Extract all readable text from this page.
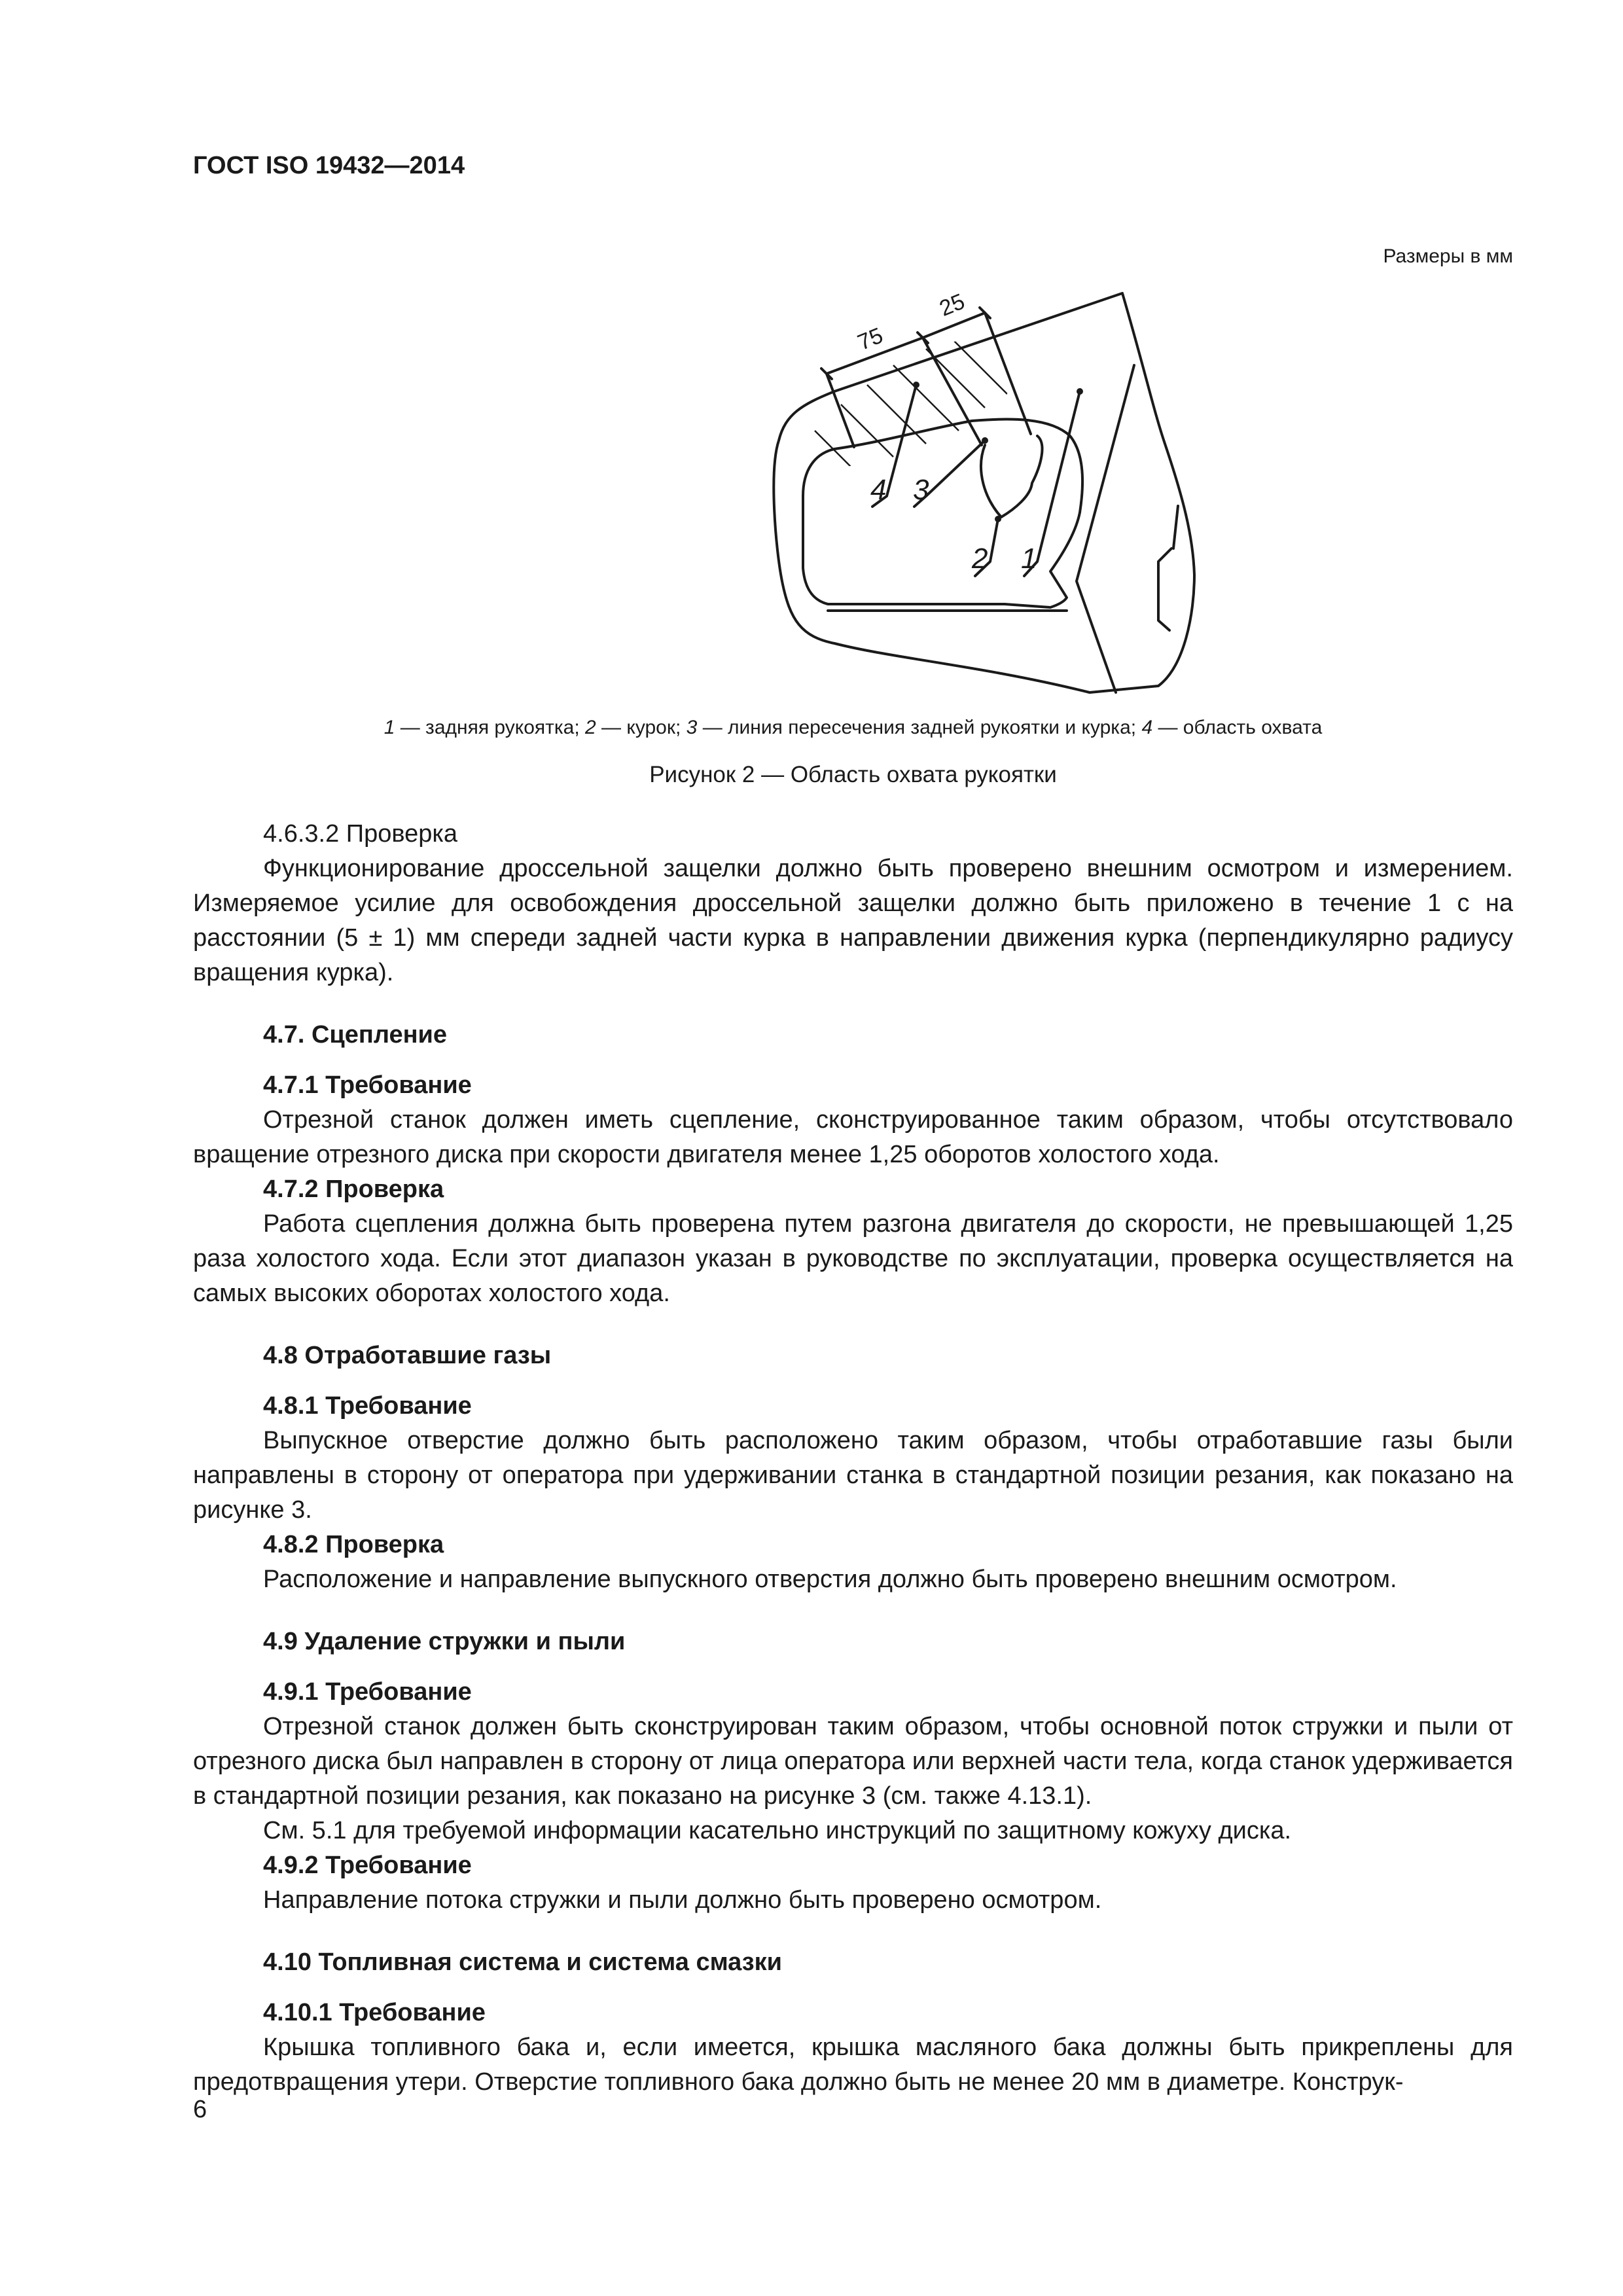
ГОСТ ISO 19432—2014
Размеры в мм
75
25
4 3
2 1
1 — задняя рукоятка; 2 — курок; 3 — линия пересечения задней рукоятки и курка; 4 — область охвата
Рисунок 2 — Область охвата рукоятки
4.6.3.2 Проверка
Функционирование дроссельной защелки должно быть проверено внешним осмотром и измерением. Измеряемое усилие для освобождения дроссельной защелки должно быть приложено в течение 1 с на расстоянии (5 ± 1) мм спереди задней части курка в направлении движения курка (перпендикулярно радиусу вращения курка).
4.7. Сцепление
4.7.1 Требование
Отрезной станок должен иметь сцепление, сконструированное таким образом, чтобы отсутствовало вращение отрезного диска при скорости двигателя менее 1,25 оборотов холостого хода.
4.7.2 Проверка
Работа сцепления должна быть проверена путем разгона двигателя до скорости, не превышающей 1,25 раза холостого хода. Если этот диапазон указан в руководстве по эксплуатации, проверка осуществляется на самых высоких оборотах холостого хода.
4.8 Отработавшие газы
4.8.1 Требование
Выпускное отверстие должно быть расположено таким образом, чтобы отработавшие газы были направлены в сторону от оператора при удерживании станка в стандартной позиции резания, как показано на рисунке 3.
4.8.2 Проверка
Расположение и направление выпускного отверстия должно быть проверено внешним осмотром.
4.9 Удаление стружки и пыли
4.9.1 Требование
Отрезной станок должен быть сконструирован таким образом, чтобы основной поток стружки и пыли от отрезного диска был направлен в сторону от лица оператора или верхней части тела, когда станок удерживается в стандартной позиции резания, как показано на рисунке 3 (см. также 4.13.1).
См. 5.1 для требуемой информации касательно инструкций по защитному кожуху диска.
4.9.2 Требование
Направление потока стружки и пыли должно быть проверено осмотром.
4.10 Топливная система и система смазки
4.10.1 Требование
Крышка топливного бака и, если имеется, крышка масляного бака должны быть прикреплены для предотвращения утери. Отверстие топливного бака должно быть не менее 20 мм в диаметре. Конструк-
6
